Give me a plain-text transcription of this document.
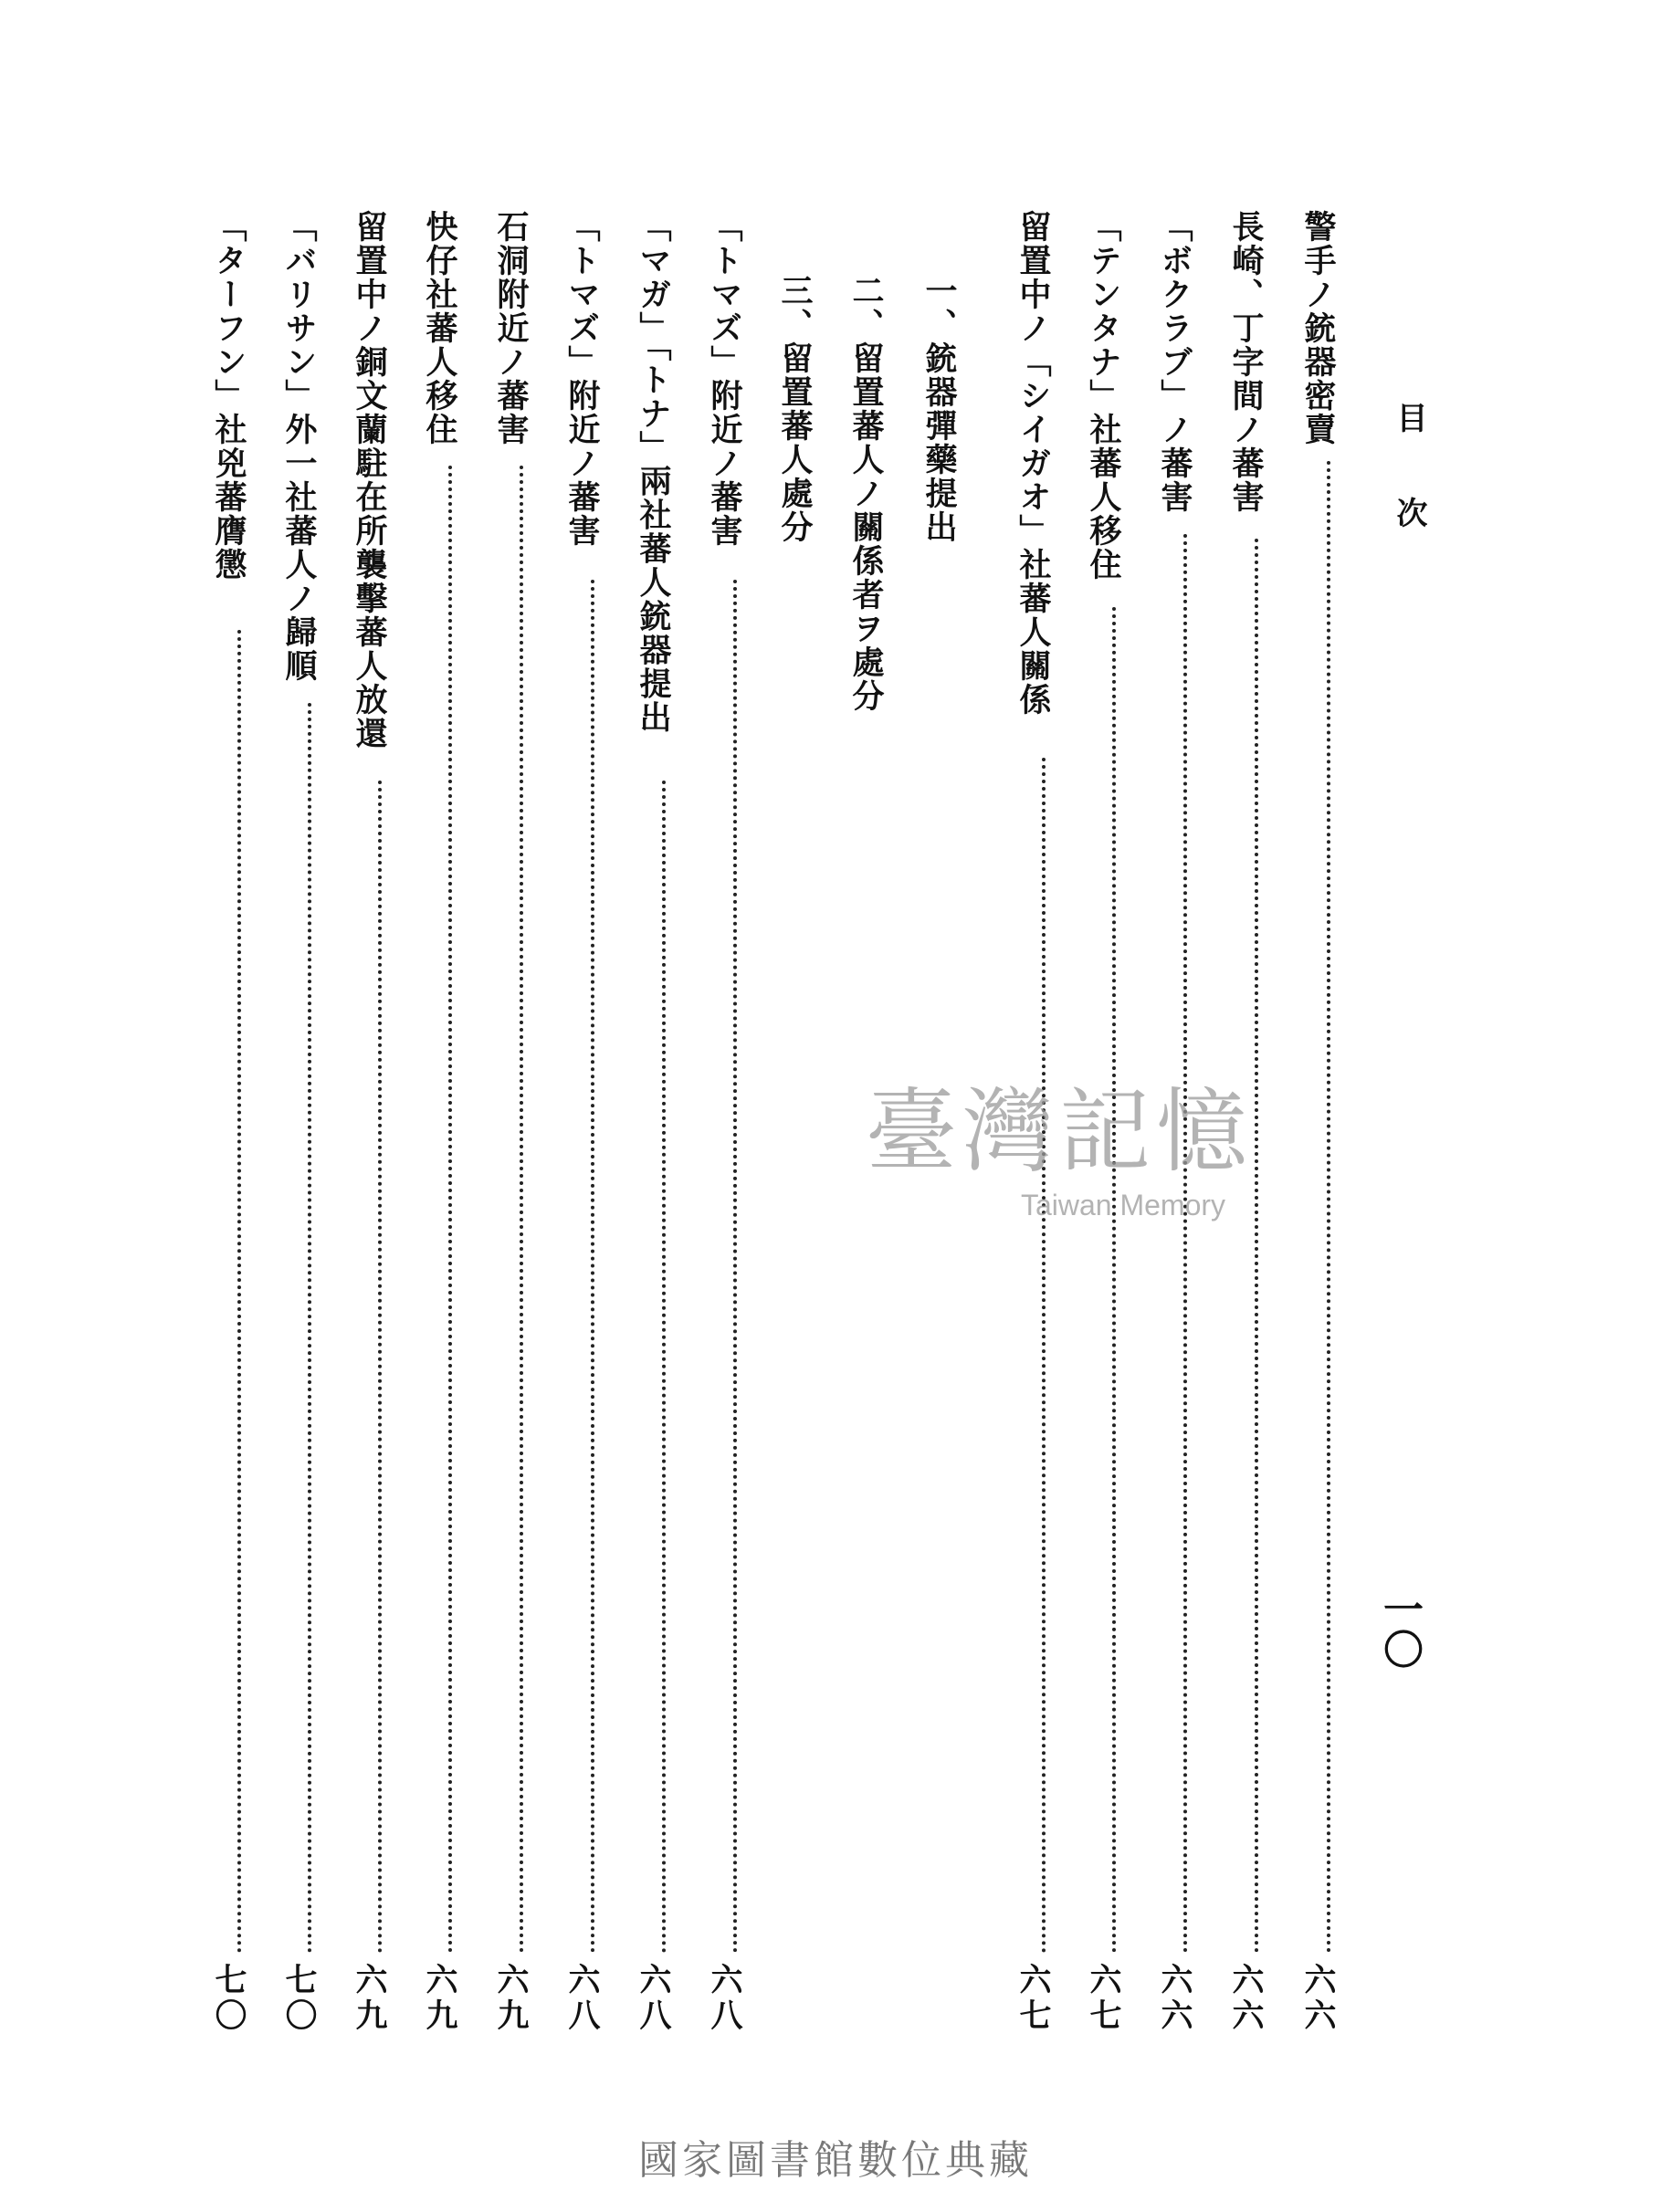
目次
一〇
警手ノ銃器密賣
六六
長崎、丁字間ノ蕃害
六六
「ボクラブ」ノ蕃害
六六
「テンタナ」社蕃人移住
六七
留置中ノ「シイガオ」社蕃人關係
六七
一、銃器彈藥提出
二、留置蕃人ノ關係者ヲ處分
三、留置蕃人處分
「トマズ」附近ノ蕃害
六八
「マガ」「トナ」兩社蕃人銃器提出
六八
「トマズ」附近ノ蕃害
六八
石洞附近ノ蕃害
六九
快仔社蕃人移住
六九
留置中ノ銅文蘭駐在所襲擊蕃人放還
六九
「バリサン」外一社蕃人ノ歸順
七〇
「ターフン」社兇蕃膺懲
七〇
臺灣記憶
Taiwan Memory
國家圖書館數位典藏
